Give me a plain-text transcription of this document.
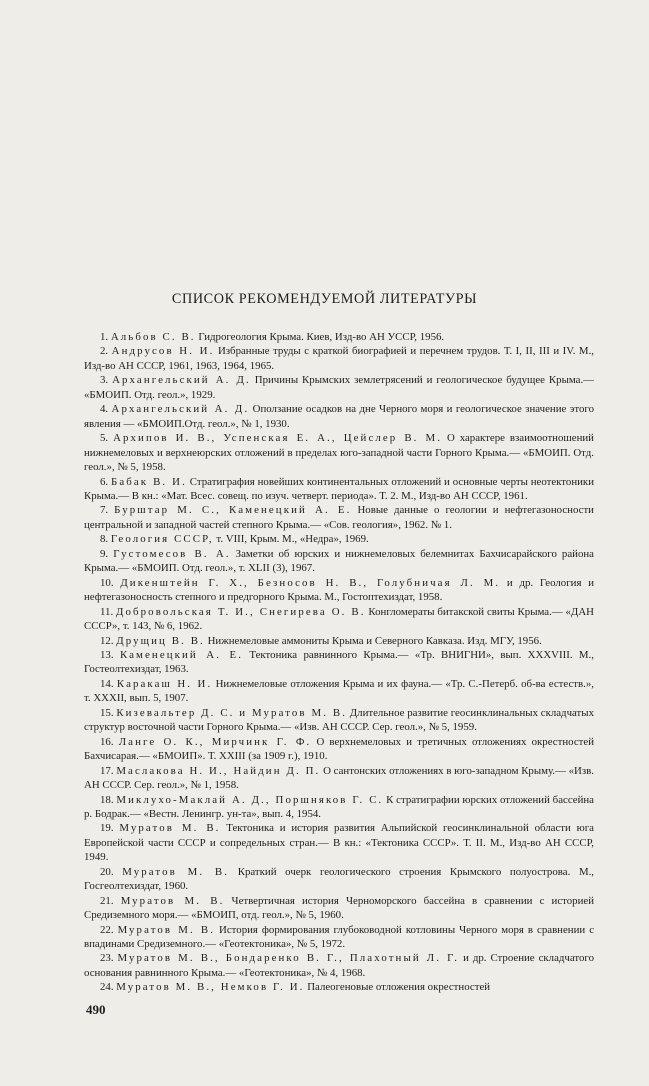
СПИСОК РЕКОМЕНДУЕМОЙ ЛИТЕРАТУРЫ

1. Альбов С. В. Гидрогеология Крыма. Киев, Изд-во АН УССР, 1956.

2. Андрусов Н. И. Избранные труды с краткой биографией и перечнем трудов. Т. I, II, III и IV. М., Изд-во АН СССР, 1961, 1963, 1964, 1965.

3. Архангельский А. Д. Причины Крымских землетрясений и геологическое будущее Крыма.— «БМОИП. Отд. геол.», 1929.

4. Архангельский А. Д. Оползание осадков на дне Черного моря и геологическое значение этого явления — «БМОИП.Отд. геол.», № 1, 1930.

5. Архипов И. В., Успенская Е. А., Цейслер В. М. О характере взаимоотношений нижнемеловых и верхнеюрских отложений в пределах юго-западной части Горного Крыма.— «БМОИП. Отд. геол.», № 5, 1958.

6. Бабак В. И. Стратиграфия новейших континентальных отложений и основные черты неотектоники Крыма.— В кн.: «Мат. Всес. совещ. по изуч. четверт. периода». Т. 2. М., Изд-во АН СССР, 1961.

7. Бурштар М. С., Каменецкий А. Е. Новые данные о геологии и нефтегазоносности центральной и западной частей степного Крыма.— «Сов. геология», 1962. № 1.

8. Геология СССР, т. VIII, Крым. М., «Недра», 1969.

9. Густомесов В. А. Заметки об юрских и нижнемеловых белемнитах Бахчисарайского района Крыма.— «БМОИП. Отд. геол.», т. XLII (3), 1967.

10. Дикенштейн Г. Х., Безносов Н. В., Голубничая Л. М. и др. Геология и нефтегазоносность степного и предгорного Крыма. М., Гостоптехиздат, 1958.

11. Добровольская Т. И., Снегирева О. В. Конгломераты битакской свиты Крыма.— «ДАН СССР», т. 143, № 6, 1962.

12. Друщиц В. В. Нижнемеловые аммониты Крыма и Северного Кавказа. Изд. МГУ, 1956.

13. Каменецкий А. Е. Тектоника равнинного Крыма.— «Тр. ВНИГНИ», вып. XXXVIII. М., Гостеолтехиздат, 1963.

14. Каракаш Н. И. Нижнемеловые отложения Крыма и их фауна.— «Тр. С.-Петерб. об-ва естеств.», т. XXXII, вып. 5, 1907.

15. Кизевальтер Д. С. и Муратов М. В. Длительное развитие геосинклинальных складчатых структур восточной части Горного Крыма.— «Изв. АН СССР. Сер. геол.», № 5, 1959.

16. Ланге О. К., Мирчинк Г. Ф. О верхнемеловых и третичных отложениях окрестностей Бахчисарая.— «БМОИП». Т. XXIII (за 1909 г.), 1910.

17. Маслакова Н. И., Найдин Д. П. О сантонских отложениях в юго-западном Крыму.— «Изв. АН СССР. Сер. геол.», № 1, 1958.

18. Миклухо-Маклай А. Д., Поршняков Г. С. К стратиграфии юрских отложений бассейна р. Бодрак.— «Вестн. Ленингр. ун-та», вып. 4, 1954.

19. Муратов М. В. Тектоника и история развития Альпийской геосинклинальной области юга Европейской части СССР и сопредельных стран.— В кн.: «Тектоника СССР». Т. II. М., Изд-во АН СССР, 1949.

20. Муратов М. В. Краткий очерк геологического строения Крымского полуострова. М., Госгеолтехиздат, 1960.

21. Муратов М. В. Четвертичная история Черноморского бассейна в сравнении с историей Средиземного моря.— «БМОИП, отд. геол.», № 5, 1960.

22. Муратов М. В. История формирования глубоководной котловины Черного моря в сравнении с впадинами Средиземного.— «Геотектоника», № 5, 1972.

23. Муратов М. В., Бондаренко В. Г., Плахотный Л. Г. и др. Строение складчатого основания равнинного Крыма.— «Геотектоника», № 4, 1968.

24. Муратов М. В., Немков Г. И. Палеогеновые отложения окрестностей

490
